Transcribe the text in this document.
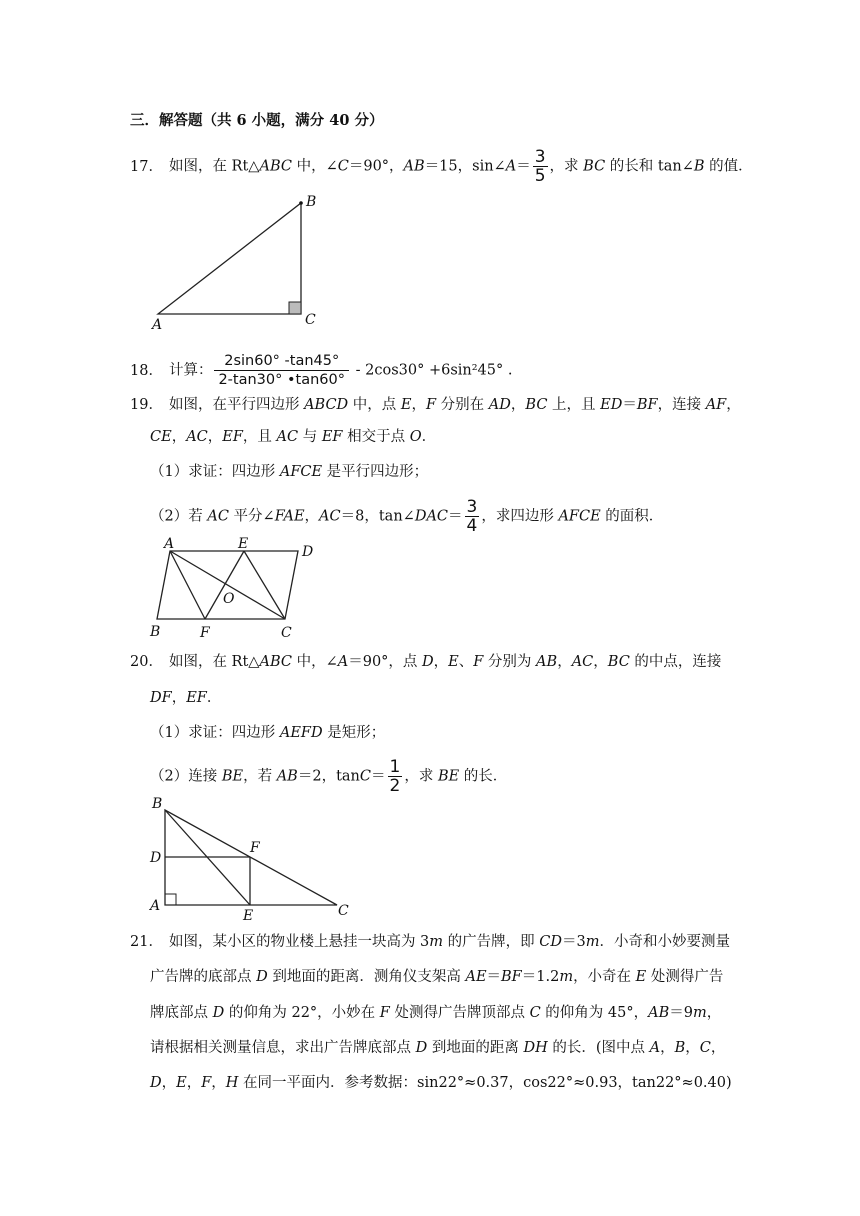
三．解答题（共 6 小题，满分 40 分）
17． 如图，在 Rt△ABC 中，∠C＝90°，AB＝15，sin∠A＝ $\frac{3}{5}$ ，求 BC 的长和 tan∠B 的值．
A
B
C
18． 计算： $\frac{2\sin 60^\circ -\tan 45^\circ}{2-\tan 30^\circ •\tan 60^\circ} - 2\cos 30^\circ +6\sin^245^\circ$ .
19． 如图，在平行四边形 ABCD 中，点 E，F 分别在 AD，BC 上，且 ED＝BF，连接 AF，
CE，AC，EF，且 AC 与 EF 相交于点 O．
（1）求证：四边形 AFCE 是平行四边形；
（2）若 AC 平分∠FAE，AC＝8，tan∠DAC＝ $\frac{3}{4}$ ，求四边形 AFCE 的面积．
A	E	D
O
B	F	C
20． 如图，在 Rt△ABC 中，∠A＝90°，点 D，E、F 分别为 AB，AC，BC 的中点，连接
DF，EF．
（1）求证：四边形 AEFD 是矩形；
（2）连接 BE，若 AB＝2，$\tan C= \frac{1}{2}$ ，求 BE 的长．
B
D
F
A
E	C
21． 如图，某小区的物业楼上悬挂一块高为 3m 的广告牌，即 CD＝3m．小奇和小妙要测量
广告牌的底部点 D 到地面的距离．测角仪支架高 AE＝BF＝1.2m，小奇在 E 处测得广告
牌底部点 D 的仰角为 22°，小妙在 F 处测得广告牌顶部点 C 的仰角为 45°，AB＝9m，
请根据相关测量信息，求出广告牌底部点 D 到地面的距离 DH 的长．(图中点 A，B，C，
D，E，F，H 在同一平面内．参考数据：sin22°≈0.37，cos22°≈0.93，tan22°≈0.40)
